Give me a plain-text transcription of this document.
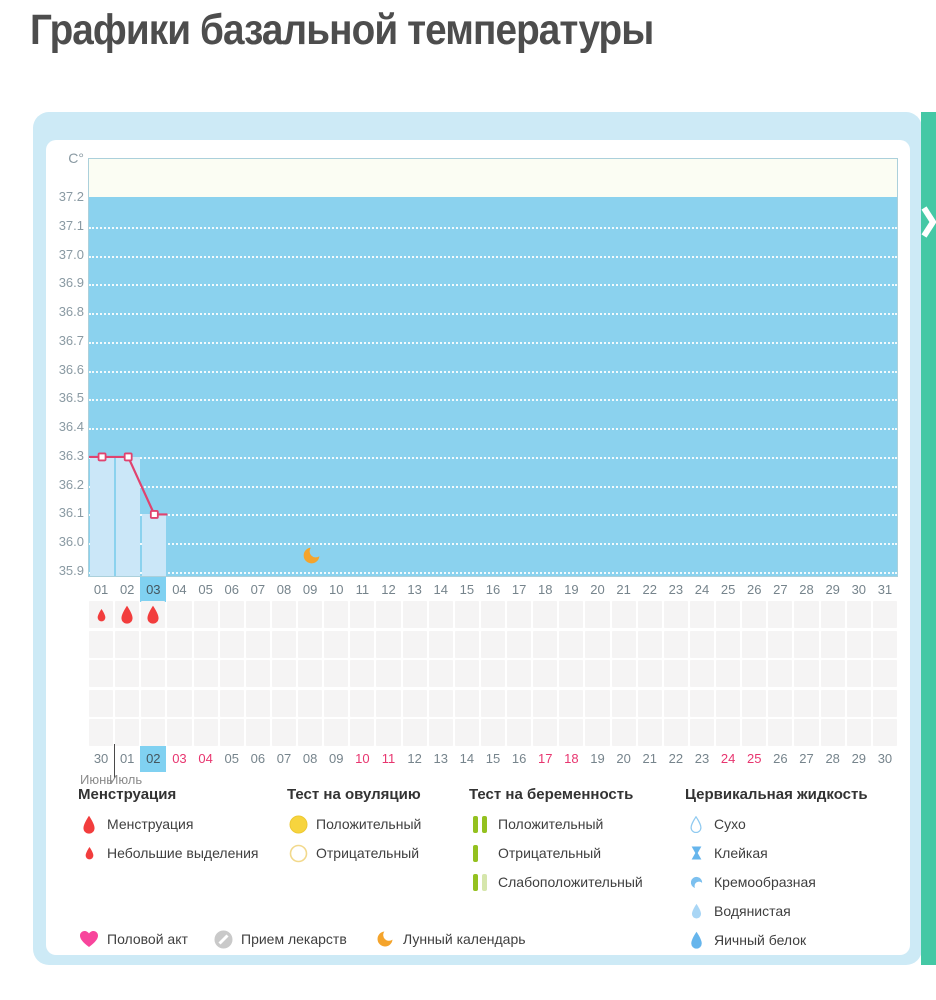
Графики базальной температуры
C°
37.2
37.1
37.0
36.9
36.8
36.7
36.6
36.5
36.4
36.3
36.2
36.1
36.0
35.9
01 02 03 04 05 06 07 08 09 10 11 12 13 14 15 16 17 18 19 20 21 22 23 24 25 26 27 28 29 30 31
30 01 02 03 04 05 06 07 08 09 10 11 12 13 14 15 16 17 18 19 20 21 22 23 24 25 26 27 28 29 30
Июнь
Июль
Менструация
Менструация
Небольшие выделения
Тест на овуляцию
Положительный
Отрицательный
Тест на беременность
Положительный
Отрицательный
Слабоположительный
Цервикальная жидкость
Сухо
Клейкая
Кремообразная
Водянистая
Яичный белок
Половой акт	Прием лекарств	Лунный календарь
